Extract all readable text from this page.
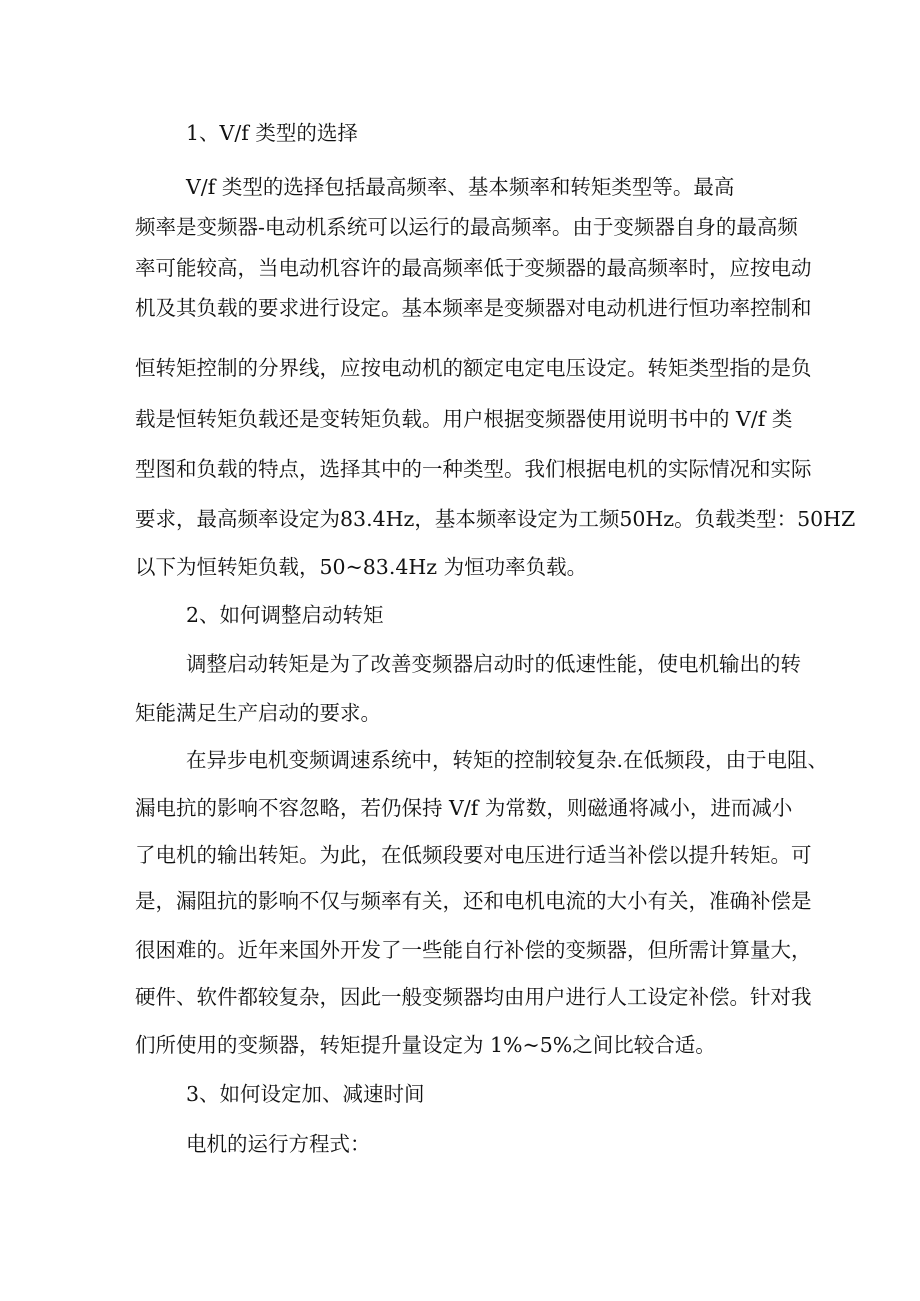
1、V/f 类型的选择
V/f 类型的选择包括最高频率、基本频率和转矩类型等。最高
频率是变频器-电动机系统可以运行的最高频率。由于变频器自身的最高频
率可能较高，当电动机容许的最高频率低于变频器的最高频率时，应按电动
机及其负载的要求进行设定。基本频率是变频器对电动机进行恒功率控制和
恒转矩控制的分界线，应按电动机的额定电定电压设定。转矩类型指的是负
载是恒转矩负载还是变转矩负载。用户根据变频器使用说明书中的 V/f 类
型图和负载的特点，选择其中的一种类型。我们根据电机的实际情况和实际
要求，最高频率设定为83.4Hz，基本频率设定为工频50Hz。负载类型：50HZ
以下为恒转矩负载，50~83.4Hz 为恒功率负载。
2、如何调整启动转矩
调整启动转矩是为了改善变频器启动时的低速性能，使电机输出的转
矩能满足生产启动的要求。
在异步电机变频调速系统中，转矩的控制较复杂.在低频段，由于电阻、
漏电抗的影响不容忽略，若仍保持 V/f 为常数，则磁通将减小，进而减小
了电机的输出转矩。为此，在低频段要对电压进行适当补偿以提升转矩。可
是，漏阻抗的影响不仅与频率有关，还和电机电流的大小有关，准确补偿是
很困难的。近年来国外开发了一些能自行补偿的变频器，但所需计算量大，
硬件、软件都较复杂，因此一般变频器均由用户进行人工设定补偿。针对我
们所使用的变频器，转矩提升量设定为 1%~5%之间比较合适。
3、如何设定加、减速时间
电机的运行方程式：
